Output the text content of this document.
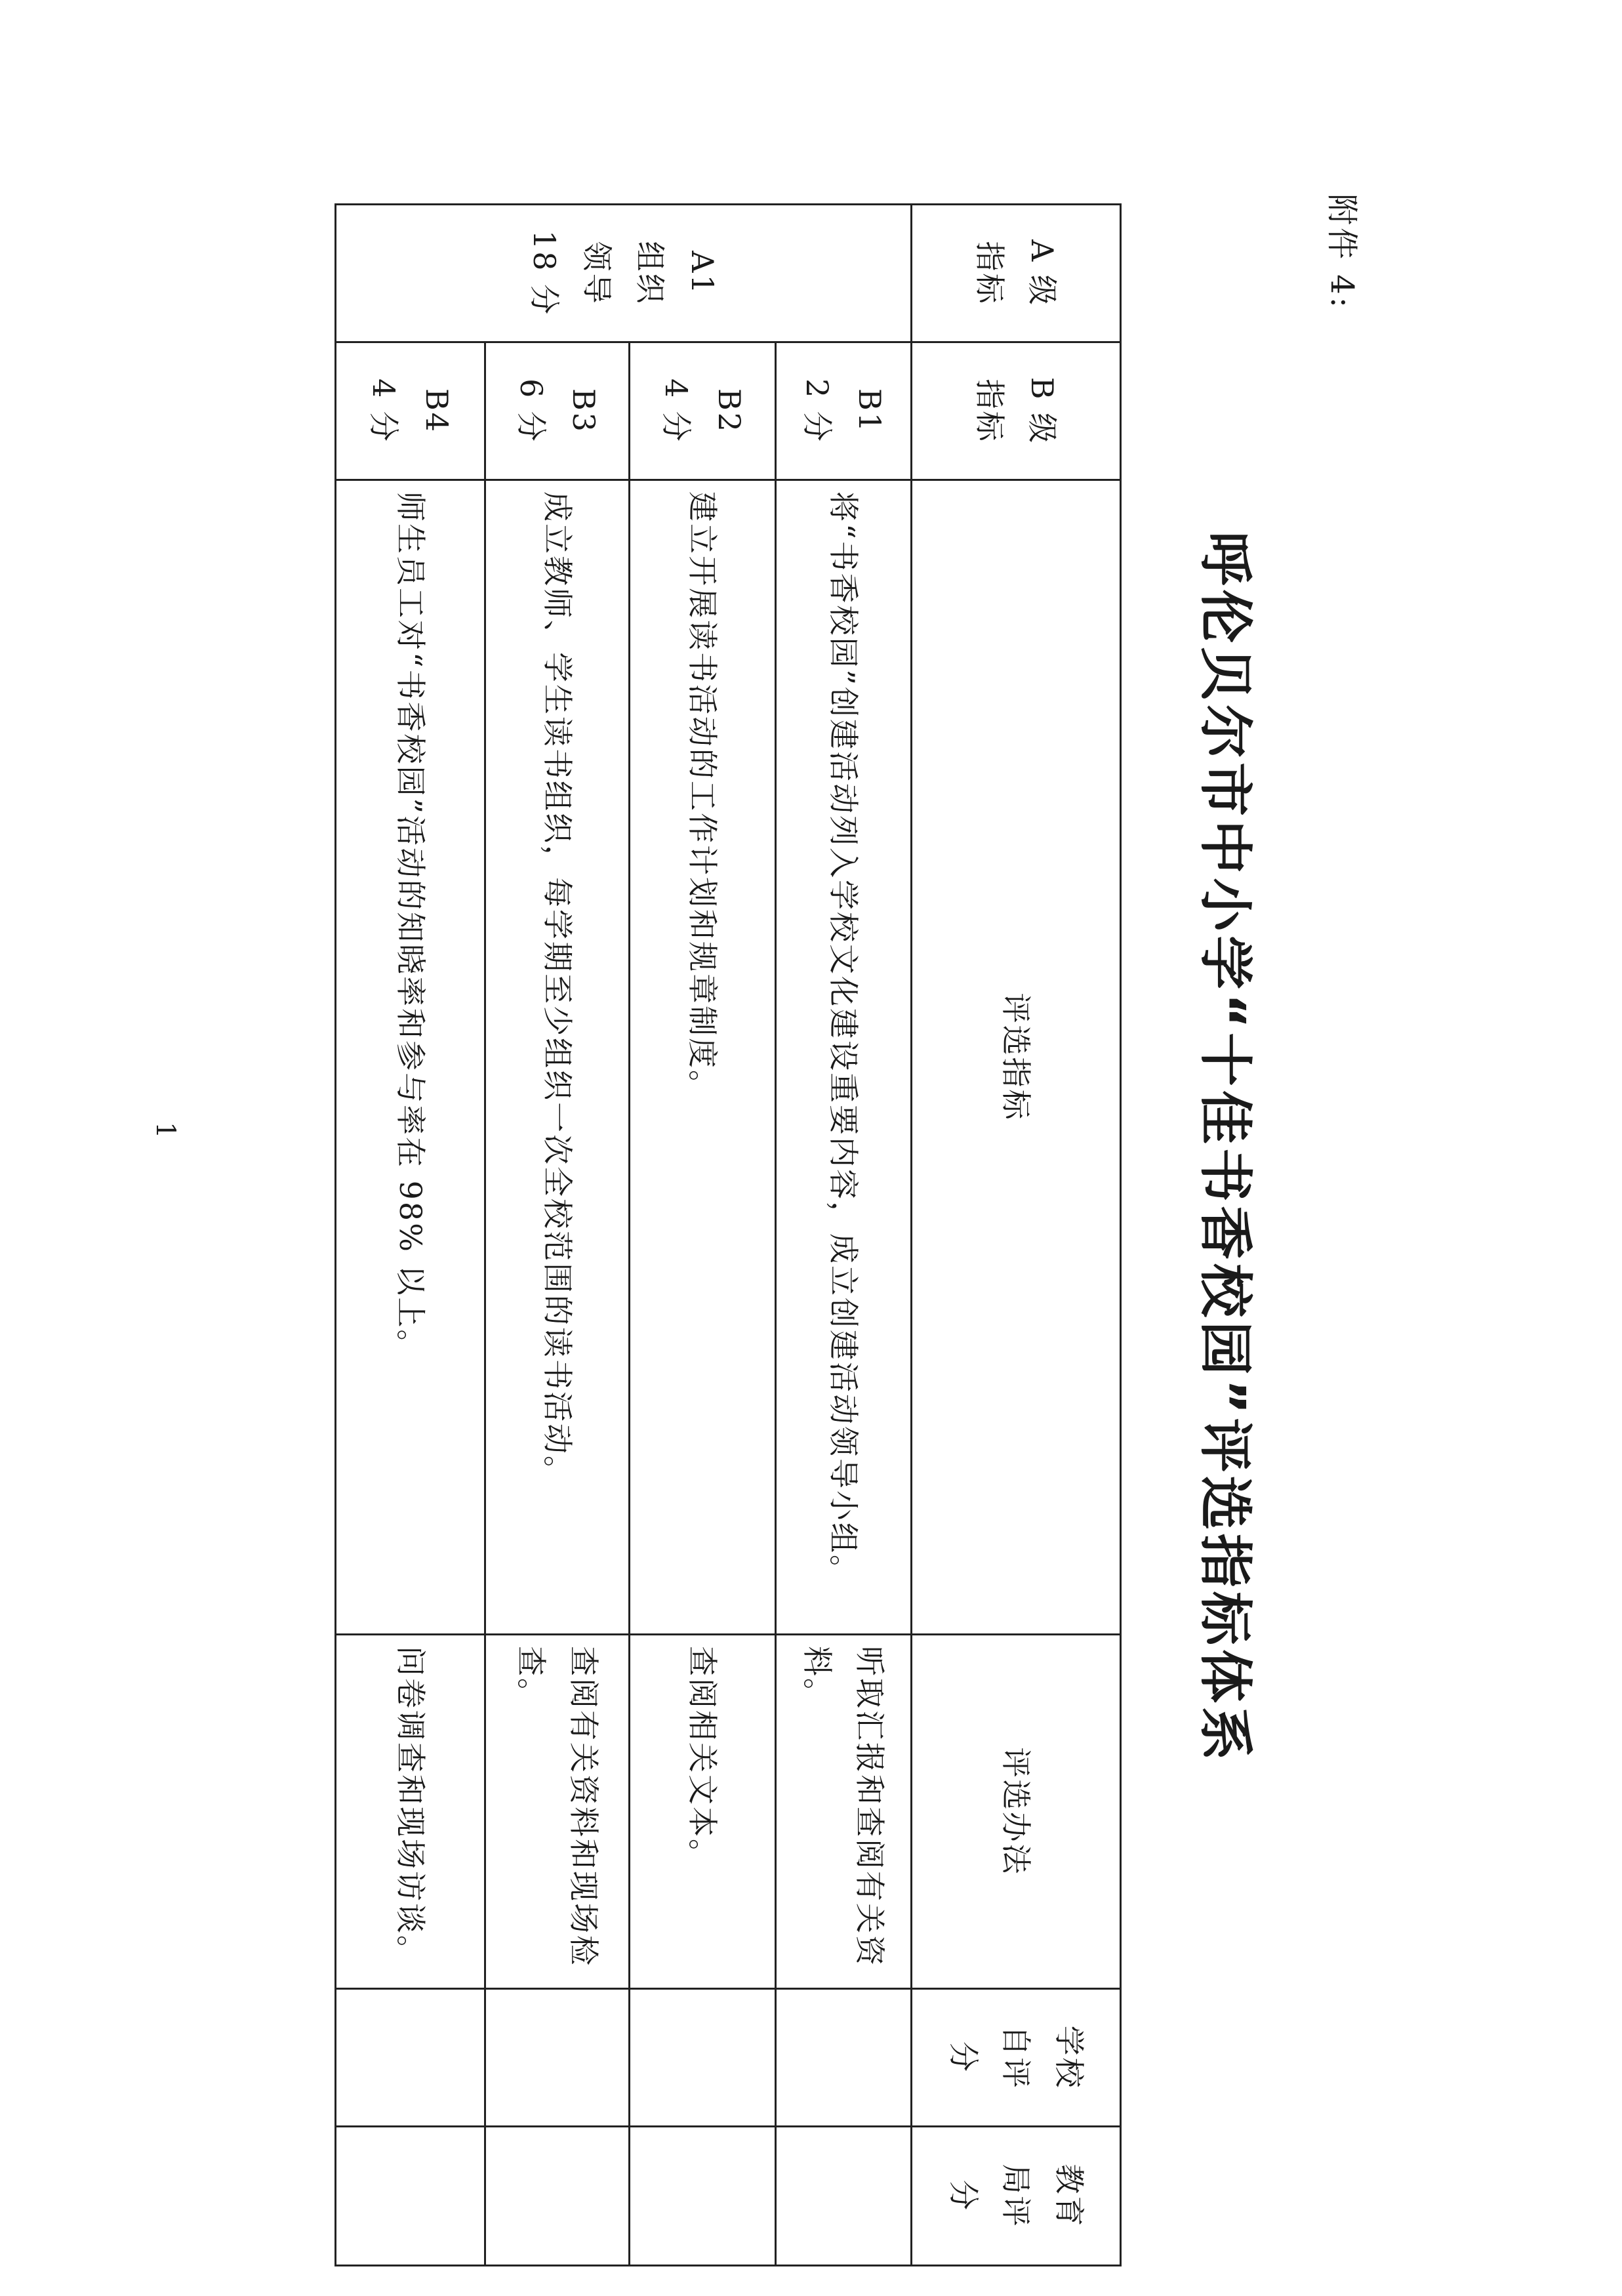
附件 4:
呼伦贝尔市中小学“十佳书香校园”评选指标体系
A 级
指标	B 级
指标	评选指标	评选办法	学校
自评
分	教育
局评
分

A1
组织
领导
18 分	B1
2 分	将“书香校园”创建活动列入学校文化建设重要内容，成立创建活动领导小组。	听取汇报和查阅有关资料。		

	B2
4 分	建立开展读书活动的工作计划和规章制度。	查阅相关文本。		

	B3
6 分	成立教师、学生读书组织，每学期至少组织一次全校范围的读书活动。	查阅有关资料和现场检查。		

	B4
4 分	师生员工对“书香校园”活动的知晓率和参与率在 98% 以上。	问卷调查和现场访谈。		
1
